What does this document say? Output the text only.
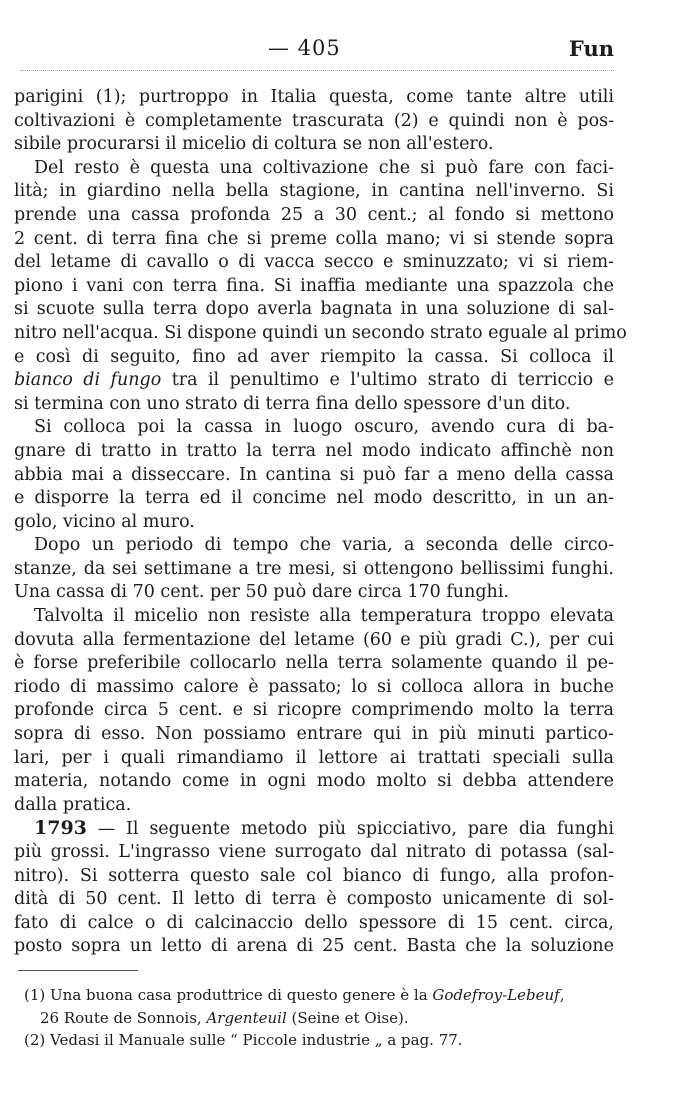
— 405	Fun
parigini (1); purtroppo in Italia questa, come tante altre utili
coltivazioni è completamente trascurata (2) e quindi non è pos-
sibile procurarsi il micelio di coltura se non all'estero.
Del resto è questa una coltivazione che si può fare con faci-
lità; in giardino nella bella stagione, in cantina nell'inverno. Si
prende una cassa profonda 25 a 30 cent.; al fondo si mettono
2 cent. di terra fina che si preme colla mano; vi si stende sopra
del letame di cavallo o di vacca secco e sminuzzato; vi si riem-
piono i vani con terra fina. Si inaffia mediante una spazzola che
si scuote sulla terra dopo averla bagnata in una soluzione di sal-
nitro nell'acqua. Si dispone quindi un secondo strato eguale al primo
e così di seguito, fino ad aver riempito la cassa. Si colloca il
bianco di fungo tra il penultimo e l'ultimo strato di terriccio e
si termina con uno strato di terra fina dello spessore d'un dito.
Si colloca poi la cassa in luogo oscuro, avendo cura di ba-
gnare di tratto in tratto la terra nel modo indicato affinchè non
abbia mai a disseccare. In cantina si può far a meno della cassa
e disporre la terra ed il concime nel modo descritto, in un an-
golo, vicino al muro.
Dopo un periodo di tempo che varia, a seconda delle circo-
stanze, da sei settimane a tre mesi, si ottengono bellissimi funghi.
Una cassa di 70 cent. per 50 può dare circa 170 funghi.
Talvolta il micelio non resiste alla temperatura troppo elevata
dovuta alla fermentazione del letame (60 e più gradi C.), per cui
è forse preferibile collocarlo nella terra solamente quando il pe-
riodo di massimo calore è passato; lo si colloca allora in buche
profonde circa 5 cent. e si ricopre comprimendo molto la terra
sopra di esso. Non possiamo entrare qui in più minuti partico-
lari, per i quali rimandiamo il lettore ai trattati speciali sulla
materia, notando come in ogni modo molto si debba attendere
dalla pratica.
1793 — Il seguente metodo più spicciativo, pare dia funghi
più grossi. L'ingrasso viene surrogato dal nitrato di potassa (sal-
nitro). Si sotterra questo sale col bianco di fungo, alla profon-
dità di 50 cent. Il letto di terra è composto unicamente di sol-
fato di calce o di calcinaccio dello spessore di 15 cent. circa,
posto sopra un letto di arena di 25 cent. Basta che la soluzione
(1) Una buona casa produttrice di questo genere è la Godefroy-Lebeuf,
26 Route de Sonnois, Argenteuil (Seine et Oise).
(2) Vedasi il Manuale sulle “ Piccole industrie „ a pag. 77.
